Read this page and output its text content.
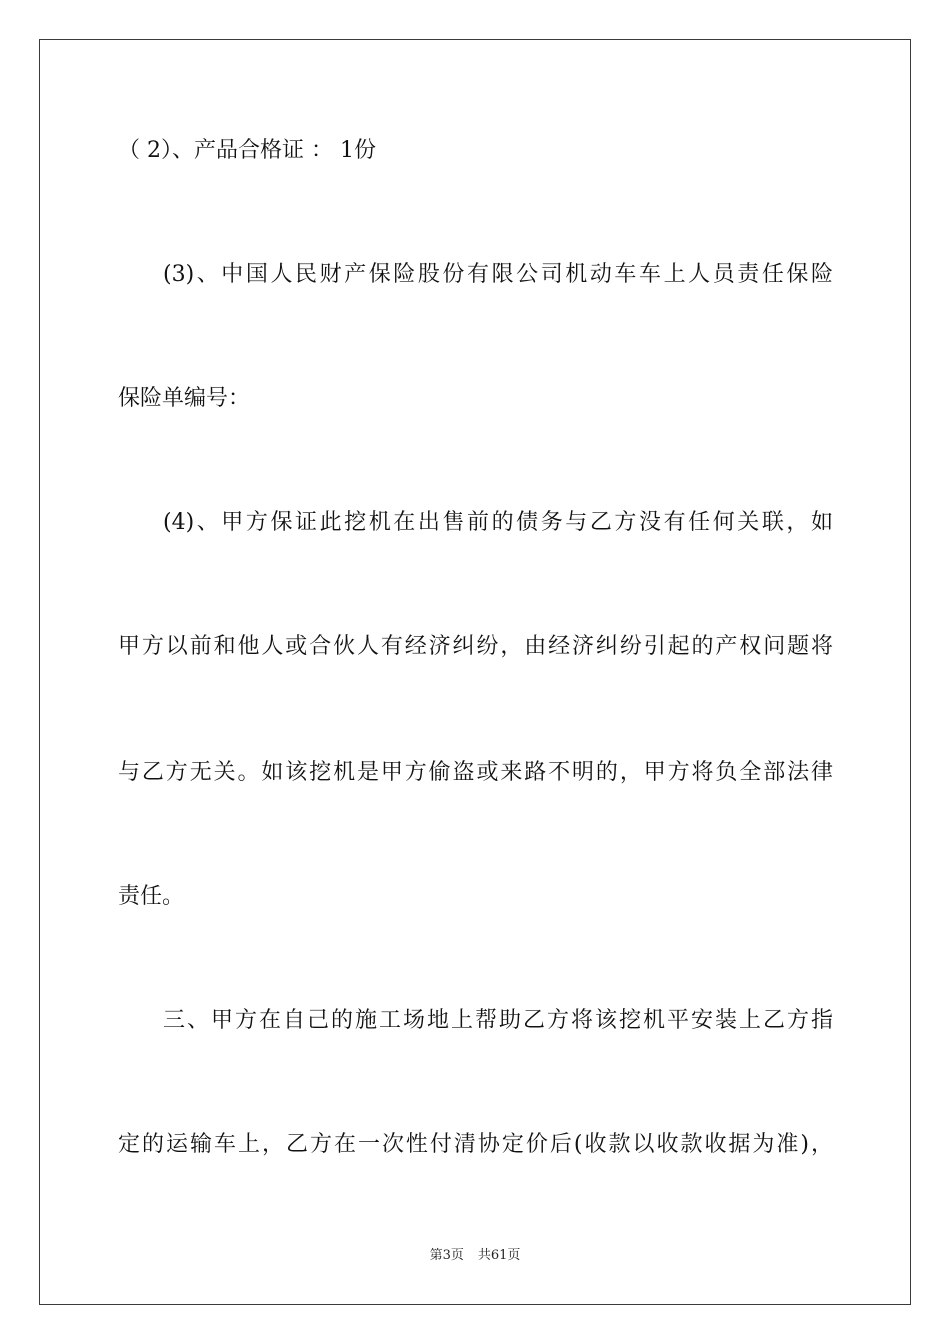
（ 2）、产品合格证 ： 1份
(3)、中国人民财产保险股份有限公司机动车车上人员责任保险
保险单编号：
(4)、甲方保证此挖机在出售前的债务与乙方没有任何关联，如
甲方以前和他人或合伙人有经济纠纷，由经济纠纷引起的产权问题将
与乙方无关。如该挖机是甲方偷盗或来路不明的，甲方将负全部法律
责任。
三、甲方在自己的施工场地上帮助乙方将该挖机平安装上乙方指
定的运输车上，乙方在一次性付清协定价后(收款以收款收据为准)，
第3页 共61页
